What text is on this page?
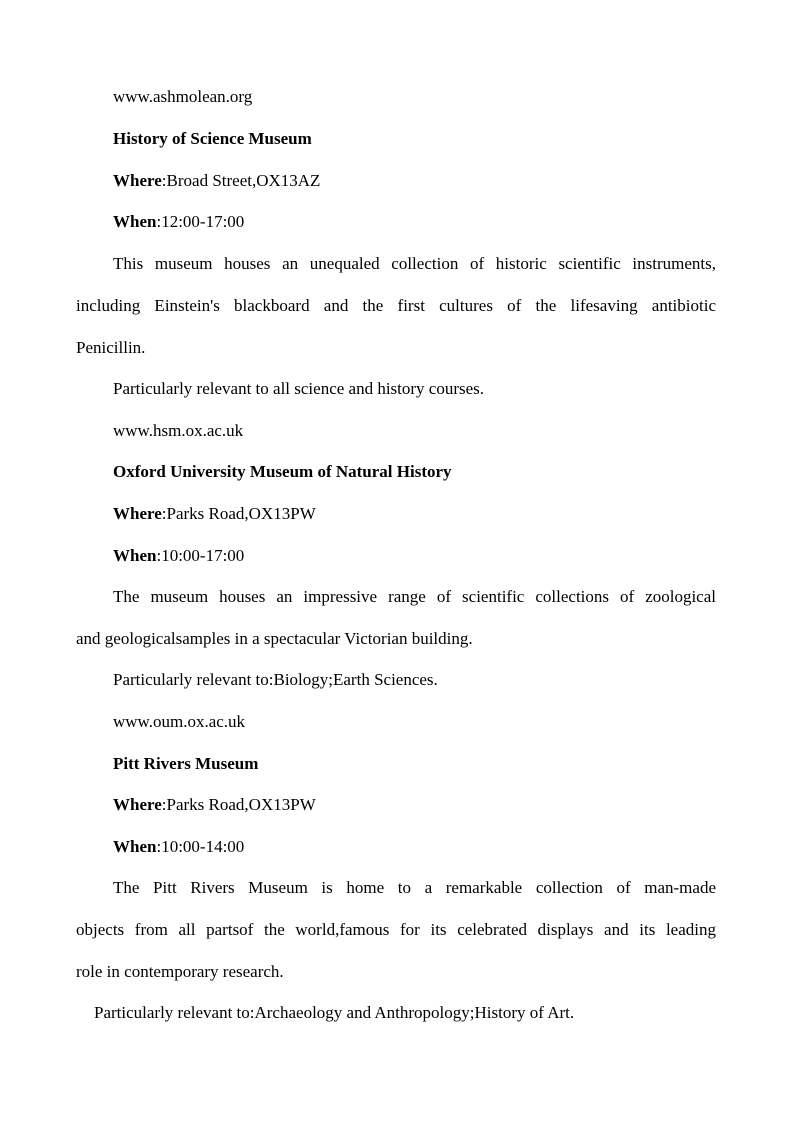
www.ashmolean.org
History of Science Museum
Where:Broad Street,OX13AZ
When:12:00-17:00
This museum houses an unequaled collection of historic scientific instruments,
including Einstein's blackboard and the first cultures of the lifesaving antibiotic
Penicillin.
Particularly relevant to all science and history courses.
www.hsm.ox.ac.uk
Oxford University Museum of Natural History
Where:Parks Road,OX13PW
When:10:00-17:00
The museum houses an impressive range of scientific collections of zoological
and geologicalsamples in a spectacular Victorian building.
Particularly relevant to:Biology;Earth Sciences.
www.oum.ox.ac.uk
Pitt Rivers Museum
Where:Parks Road,OX13PW
When:10:00-14:00
The Pitt Rivers Museum is home to a remarkable collection of man-made
objects from all partsof the world,famous for its celebrated displays and its leading
role in contemporary research.
Particularly relevant to:Archaeology and Anthropology;History of Art.
